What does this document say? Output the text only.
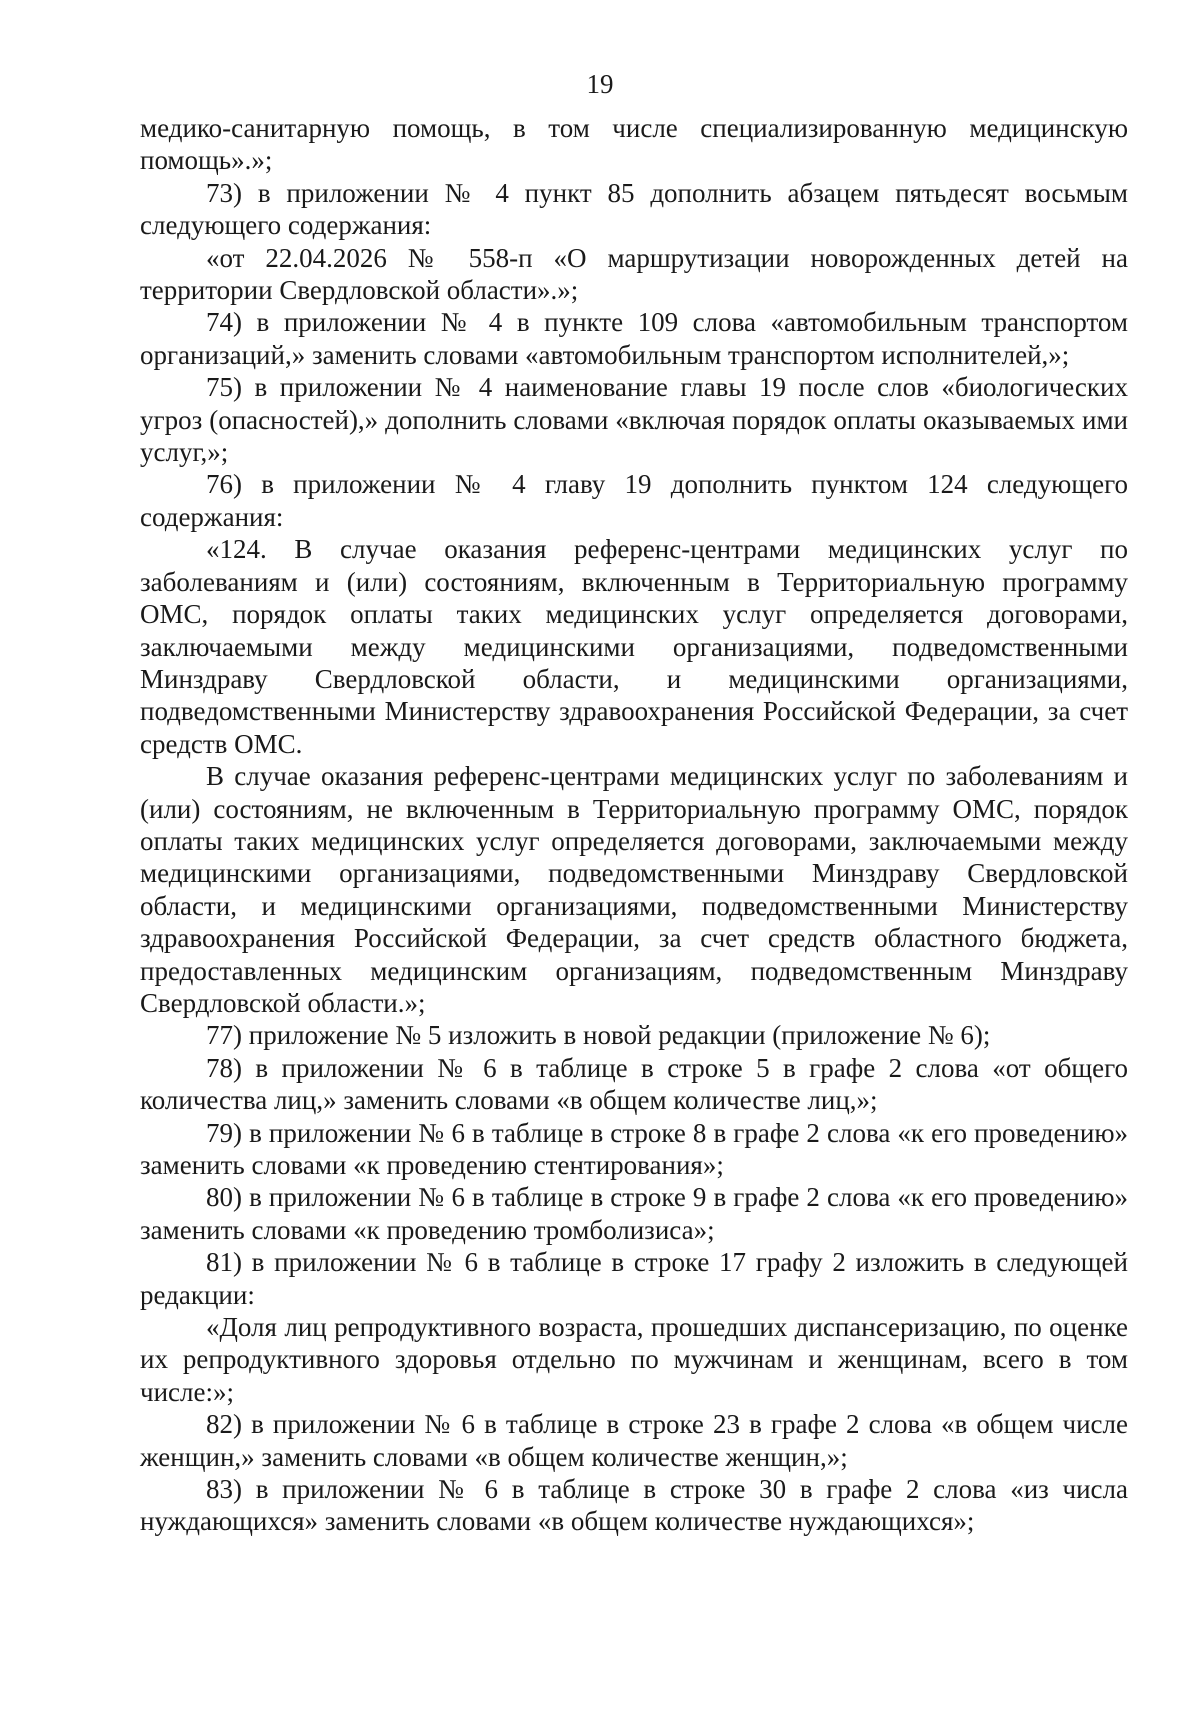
19

медико-санитарную помощь, в том числе специализированную медицинскую помощь».»;

73) в приложении № 4 пункт 85 дополнить абзацем пятьдесят восьмым следующего содержания:

«от 22.04.2026 № 558-п «О маршрутизации новорожденных детей на территории Свердловской области».»;

74) в приложении № 4 в пункте 109 слова «автомобильным транспортом организаций,» заменить словами «автомобильным транспортом исполнителей,»;

75) в приложении № 4 наименование главы 19 после слов «биологических угроз (опасностей),» дополнить словами «включая порядок оплаты оказываемых ими услуг,»;

76) в приложении № 4 главу 19 дополнить пунктом 124 следующего содержания:

«124. В случае оказания референс-центрами медицинских услуг по заболеваниям и (или) состояниям, включенным в Территориальную программу ОМС, порядок оплаты таких медицинских услуг определяется договорами, заключаемыми между медицинскими организациями, подведомственными Минздраву Свердловской области, и медицинскими организациями, подведомственными Министерству здравоохранения Российской Федерации, за счет средств ОМС.

В случае оказания референс-центрами медицинских услуг по заболеваниям и (или) состояниям, не включенным в Территориальную программу ОМС, порядок оплаты таких медицинских услуг определяется договорами, заключаемыми между медицинскими организациями, подведомственными Минздраву Свердловской области, и медицинскими организациями, подведомственными Министерству здравоохранения Российской Федерации, за счет средств областного бюджета, предоставленных медицинским организациям, подведомственным Минздраву Свердловской области.»;

77) приложение № 5 изложить в новой редакции (приложение № 6);

78) в приложении № 6 в таблице в строке 5 в графе 2 слова «от общего количества лиц,» заменить словами «в общем количестве лиц,»;

79) в приложении № 6 в таблице в строке 8 в графе 2 слова «к его проведению» заменить словами «к проведению стентирования»;

80) в приложении № 6 в таблице в строке 9 в графе 2 слова «к его проведению» заменить словами «к проведению тромболизиса»;

81) в приложении № 6 в таблице в строке 17 графу 2 изложить в следующей редакции:

«Доля лиц репродуктивного возраста, прошедших диспансеризацию, по оценке их репродуктивного здоровья отдельно по мужчинам и женщинам, всего в том числе:»;

82) в приложении № 6 в таблице в строке 23 в графе 2 слова «в общем числе женщин,» заменить словами «в общем количестве женщин,»;

83) в приложении № 6 в таблице в строке 30 в графе 2 слова «из числа нуждающихся» заменить словами «в общем количестве нуждающихся»;
